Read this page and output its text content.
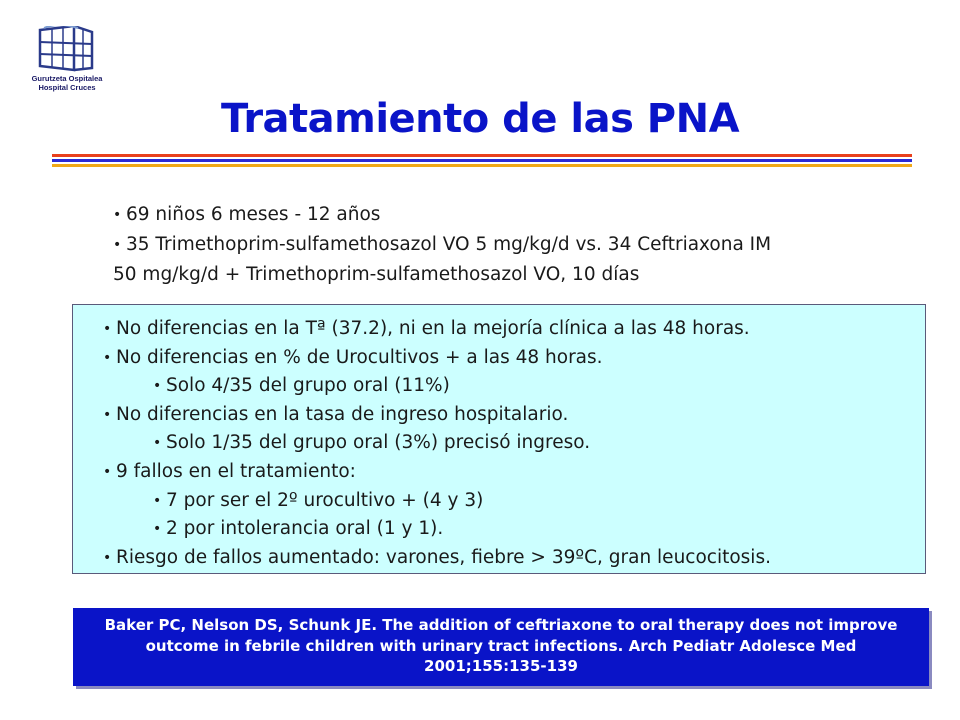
Gurutzeta Ospitalea
Hospital Cruces
Tratamiento de las PNA

• 69 niños 6 meses - 12 años

• 35 Trimethoprim-sulfamethosazol VO 5 mg/kg/d vs. 34 Ceftriaxona IM

50 mg/kg/d + Trimethoprim-sulfamethosazol VO, 10 días

• No diferencias en la Tª (37.2), ni en la mejoría clínica a las 48 horas.

• No diferencias en % de Urocultivos + a las 48 horas.

• Solo 4/35 del grupo oral (11%)

• No diferencias en la tasa de ingreso hospitalario.

• Solo 1/35 del grupo oral (3%) precisó ingreso.

• 9 fallos en el tratamiento:

• 7 por ser el 2º urocultivo + (4 y 3)

• 2 por intolerancia oral (1 y 1).

• Riesgo de fallos aumentado: varones, fiebre > 39ºC, gran leucocitosis.

Baker PC, Nelson DS, Schunk JE. The addition of ceftriaxone to oral therapy does not improve outcome in febrile children with urinary tract infections. Arch Pediatr Adolesce Med 2001;155:135-139
